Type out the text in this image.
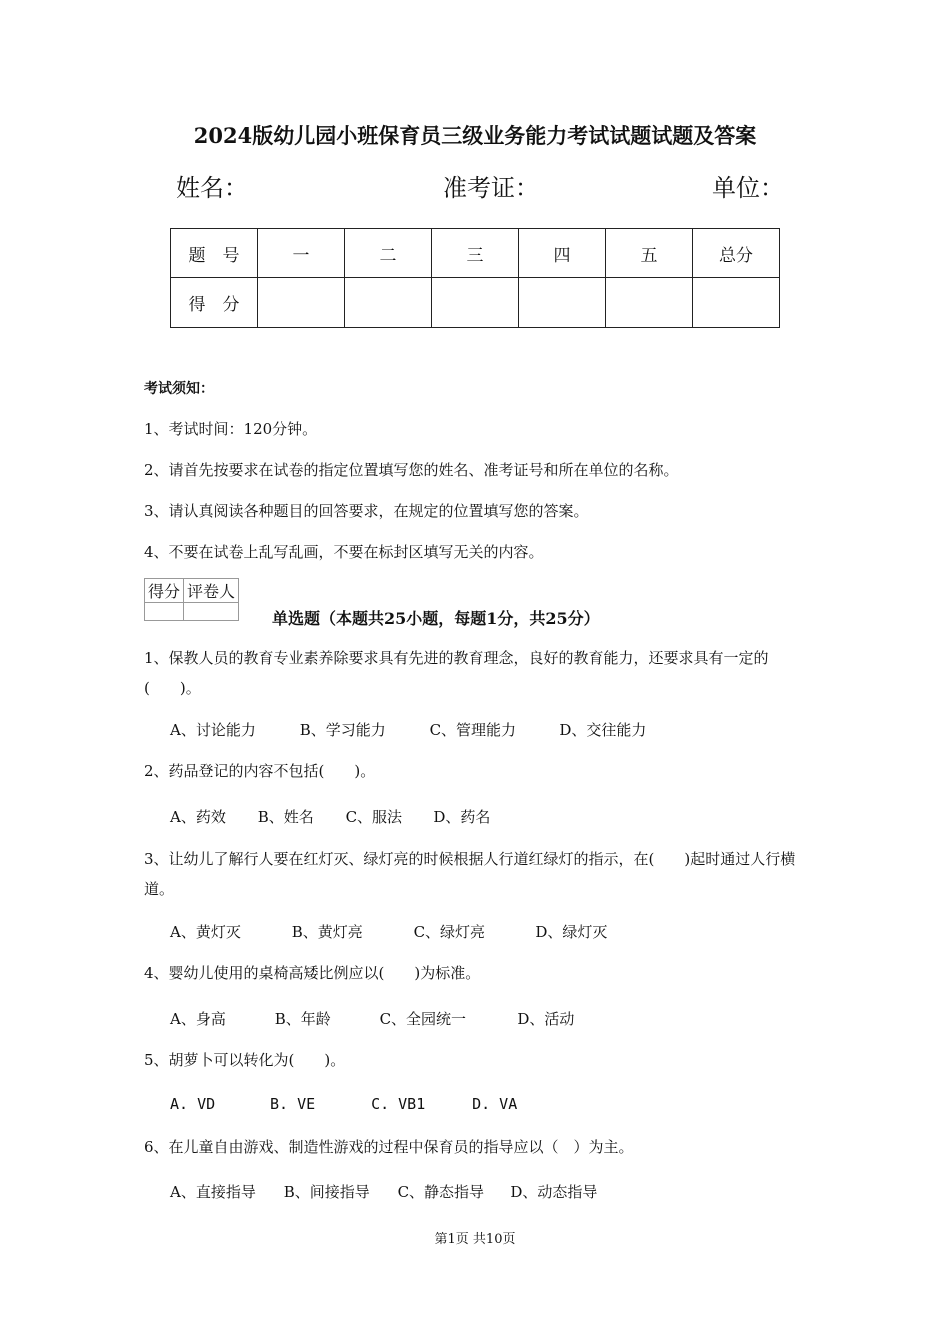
2024版幼儿园小班保育员三级业务能力考试试题试题及答案
姓名：	准考证：	单位：
题　号	一	二	三	四	五	总分
得　分						
考试须知：
1、考试时间：120分钟。
2、请首先按要求在试卷的指定位置填写您的姓名、准考证号和所在单位的名称。
3、请认真阅读各种题目的回答要求，在规定的位置填写您的答案。
4、不要在试卷上乱写乱画，不要在标封区填写无关的内容。
得分	评卷人

单选题（本题共25小题，每题1分，共25分）
1、保教人员的教育专业素养除要求具有先进的教育理念，良好的教育能力，还要求具有一定的(　　)。
A、讨论能力	B、学习能力	C、管理能力	D、交往能力
2、药品登记的内容不包括(　　)。
A、药效 B、姓名 C、服法 D、药名
3、让幼儿了解行人要在红灯灭、绿灯亮的时候根据人行道红绿灯的指示，在(　　)起时通过人行横道。
A、黄灯灭	B、黄灯亮	C、绿灯亮	D、绿灯灭
4、婴幼儿使用的桌椅高矮比例应以(　　)为标准。
A、身高	B、年龄	C、全园统一	D、活动
5、胡萝卜可以转化为(　　)。
A. VD	B. VE	C. VB1	D. VA
6、在儿童自由游戏、制造性游戏的过程中保育员的指导应以（　）为主。
A、直接指导 B、间接指导 C、静态指导 D、动态指导
第1页 共10页
